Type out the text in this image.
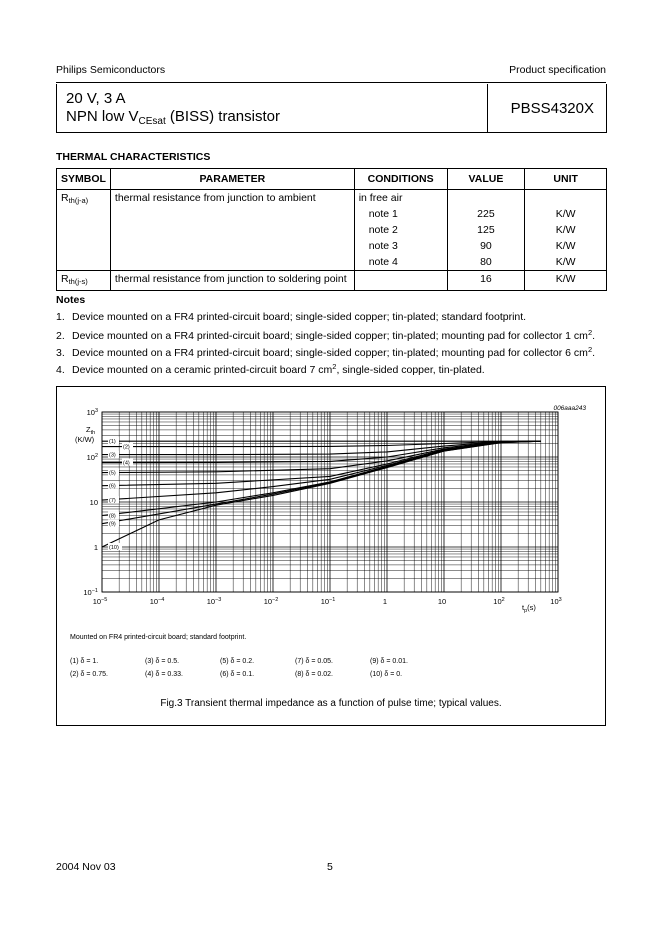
Philips Semiconductors	Product specification
20 V, 3 A
NPN low $V_{CEsat}$ (BISS) transistor	PBSS4320X
THERMAL CHARACTERISTICS
SYMBOL	PARAMETER	CONDITIONS	VALUE	UNIT
$R_{th(j-a)}$	thermal resistance from junction to ambient	in free air		
		note 1	225	K/W
		note 2	125	K/W
		note 3	90	K/W
		note 4	80	K/W
$R_{th(j-s)}$	thermal resistance from junction to soldering point		16	K/W
Notes
1. Device mounted on a FR4 printed-circuit board; single-sided copper; tin-plated; standard footprint.
2. Device mounted on a FR4 printed-circuit board; single-sided copper; tin-plated; mounting pad for collector 1 $cm^2$.
3. Device mounted on a FR4 printed-circuit board; single-sided copper; tin-plated; mounting pad for collector 6 $cm^2$.
4. Device mounted on a ceramic printed-circuit board 7 $cm^2$, single-sided copper, tin-plated.
$10^3$
$10^2$
10
1
$10^{-1}$
$10^{-5}$	$10^{-4}$	$10^{-3}$	$10^{-2}$	$10^{-1}$	1	10	$10^2$	$10^3$
(1)
(2)
(3)
(4)
(5)
(6)
(7)
(8)
(9)
(10)
006aaa243
$Z_{th}$
(K/W)
$t_p(s)$
Mounted on FR4 printed-circuit board; standard footprint.
(1) δ = 1.
(2) δ = 0.75.
(3) δ = 0.5.
(4) δ = 0.33.
(5) δ = 0.2.
(6) δ = 0.1.
(7) δ = 0.05.
(8) δ = 0.02.
(9) δ = 0.01.
(10) δ = 0.
Fig.3 Transient thermal impedance as a function of pulse time; typical values.
2004 Nov 03	5
